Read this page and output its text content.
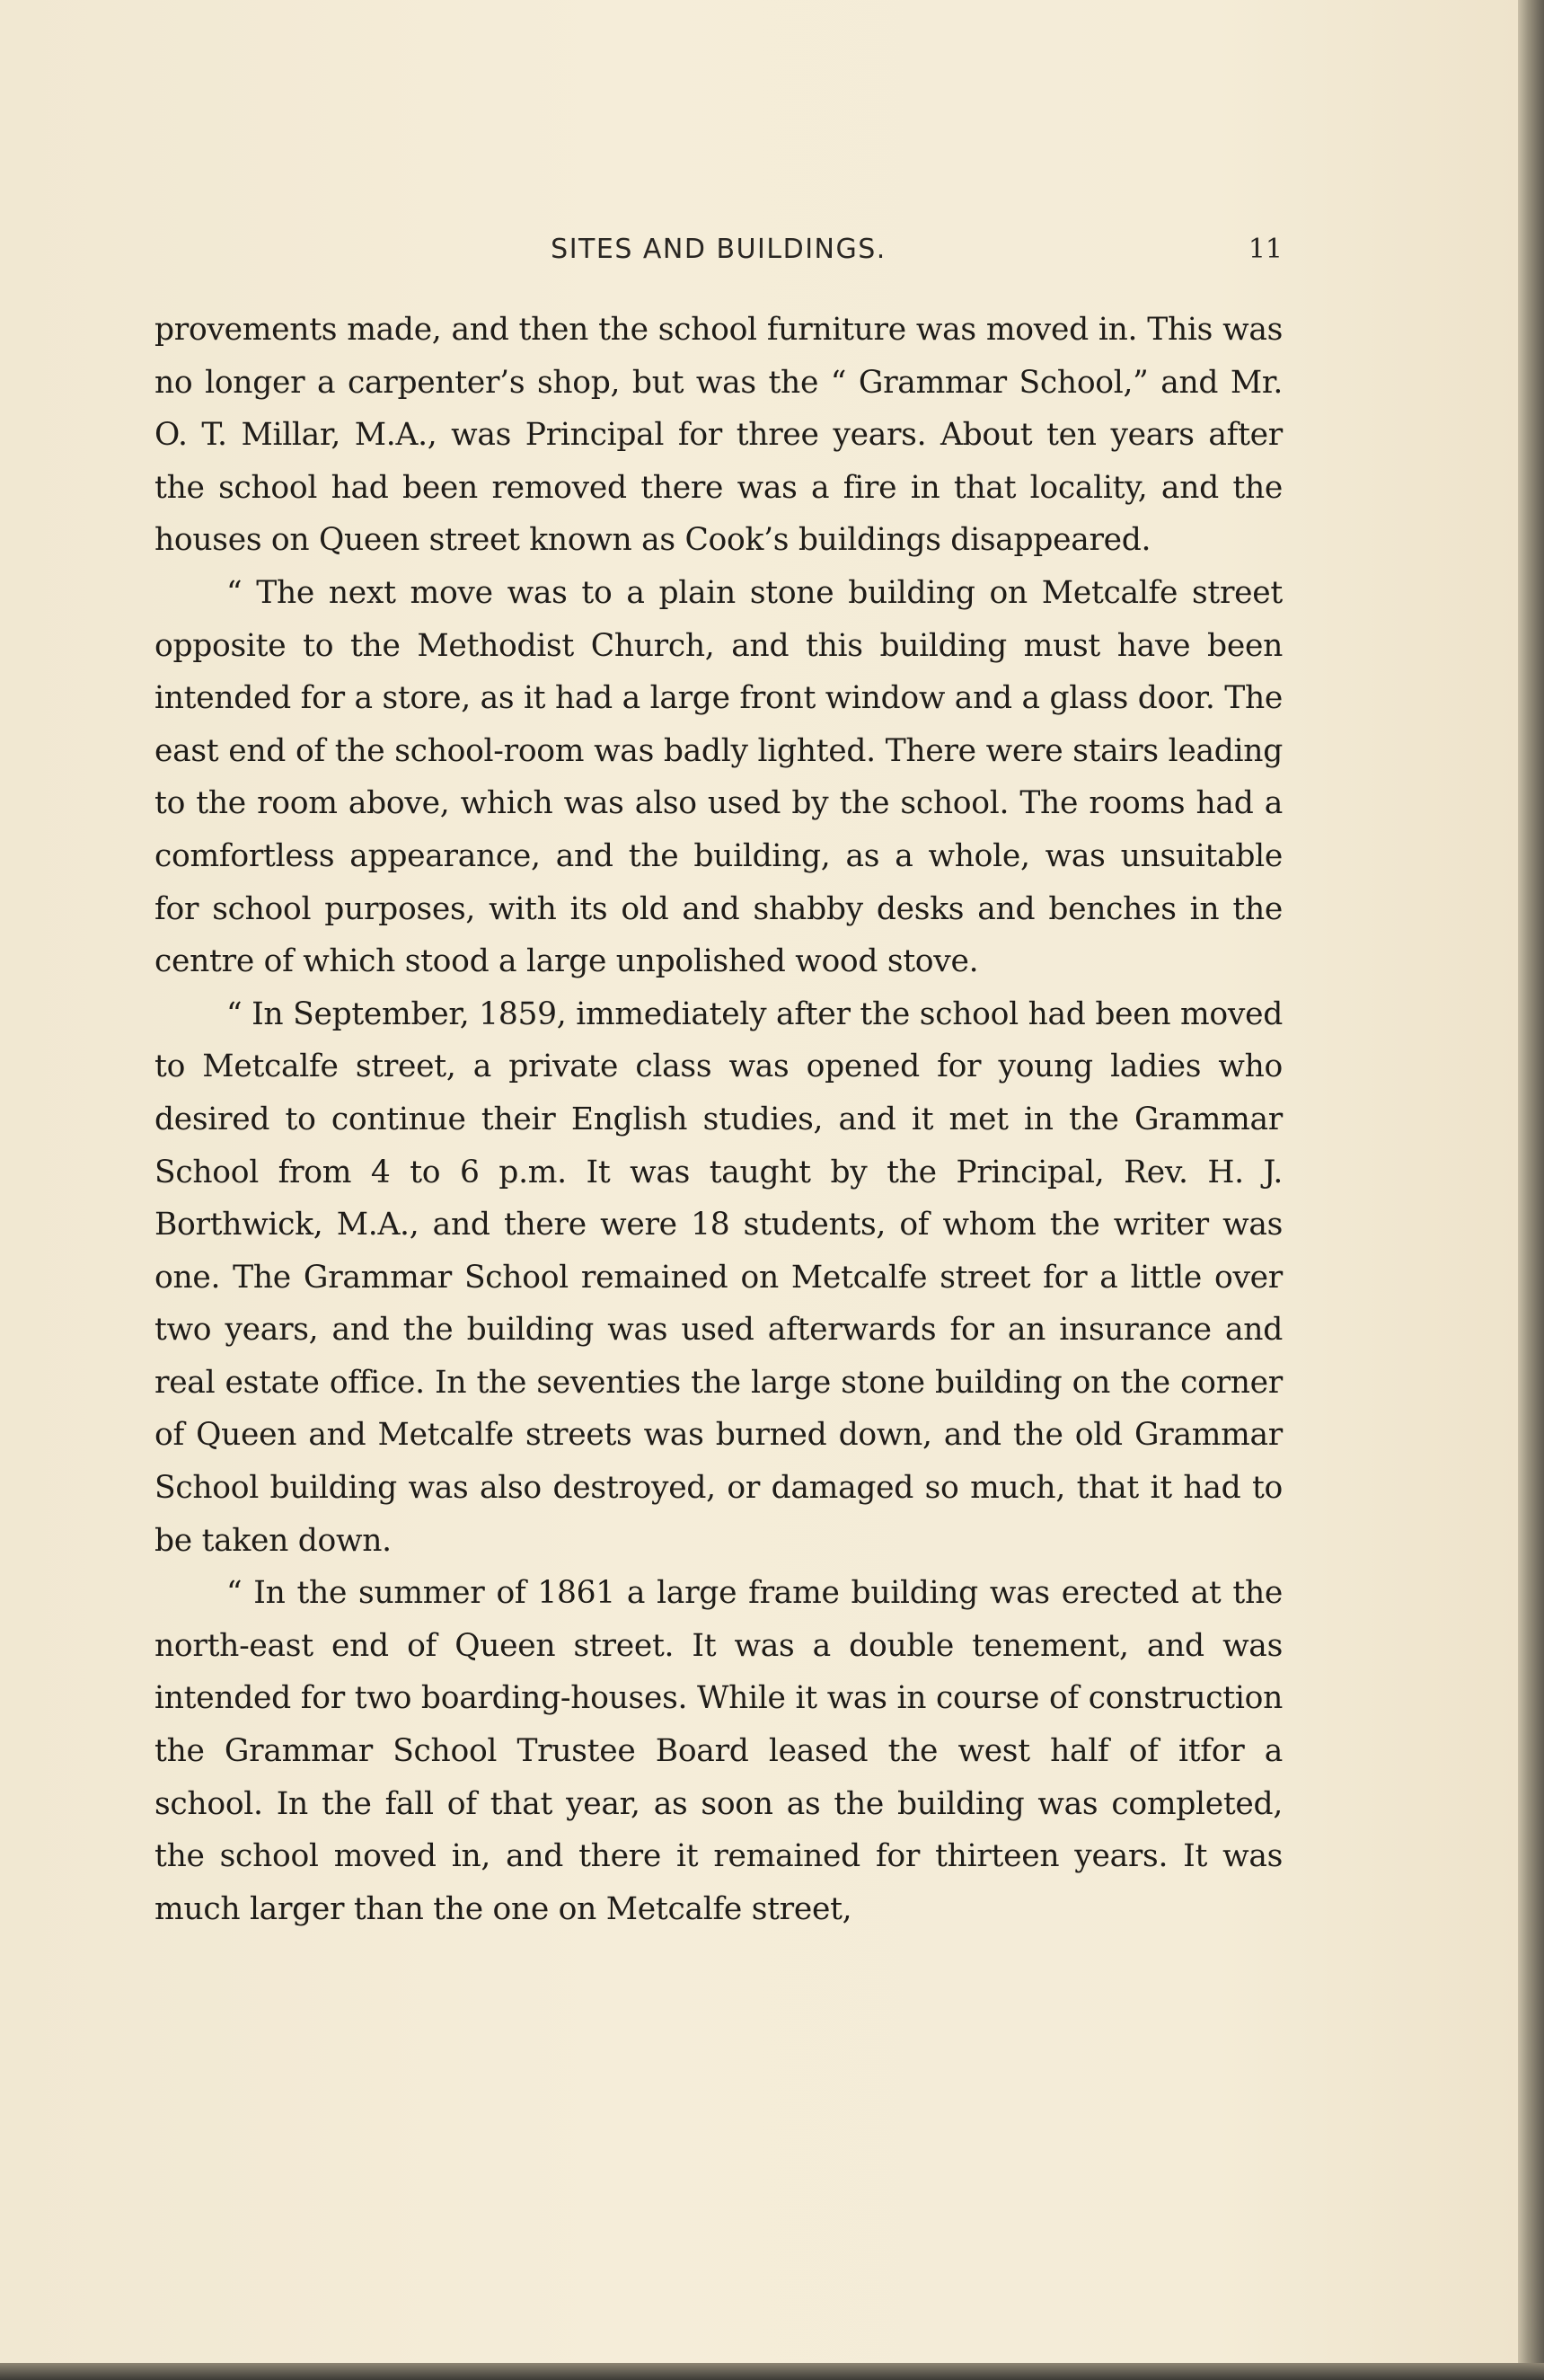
SITES AND BUILDINGS.	11

provements made, and then the school furniture was moved in. This was no longer a carpenter’s shop, but was the “ Grammar School,” and Mr. O. T. Millar, M.A., was Principal for three years. About ten years after the school had been removed there was a fire in that locality, and the houses on Queen street known as Cook’s buildings disappeared.

“ The next move was to a plain stone building on Metcalfe street opposite to the Methodist Church, and this building must have been intended for a store, as it had a large front window and a glass door. The east end of the school-room was badly lighted. There were stairs leading to the room above, which was also used by the school. The rooms had a comfortless appearance, and the building, as a whole, was unsuitable for school purposes, with its old and shabby desks and benches in the centre of which stood a large unpolished wood stove.

“ In September, 1859, immediately after the school had been moved to Metcalfe street, a private class was opened for young ladies who desired to continue their English studies, and it met in the Grammar School from 4 to 6 p.m. It was taught by the Principal, Rev. H. J. Borthwick, M.A., and there were 18 students, of whom the writer was one. The Grammar School remained on Metcalfe street for a little over two years, and the building was used afterwards for an insurance and real estate office. In the seventies the large stone building on the corner of Queen and Metcalfe streets was burned down, and the old Grammar School building was also destroyed, or damaged so much, that it had to be taken down.

“ In the summer of 1861 a large frame building was erected at the north-east end of Queen street. It was a double tenement, and was intended for two boarding-houses. While it was in course of construction the Grammar School Trustee Board leased the west half of itfor a school. In the fall of that year, as soon as the building was completed, the school moved in, and there it remained for thirteen years. It was much larger than the one on Metcalfe street,
